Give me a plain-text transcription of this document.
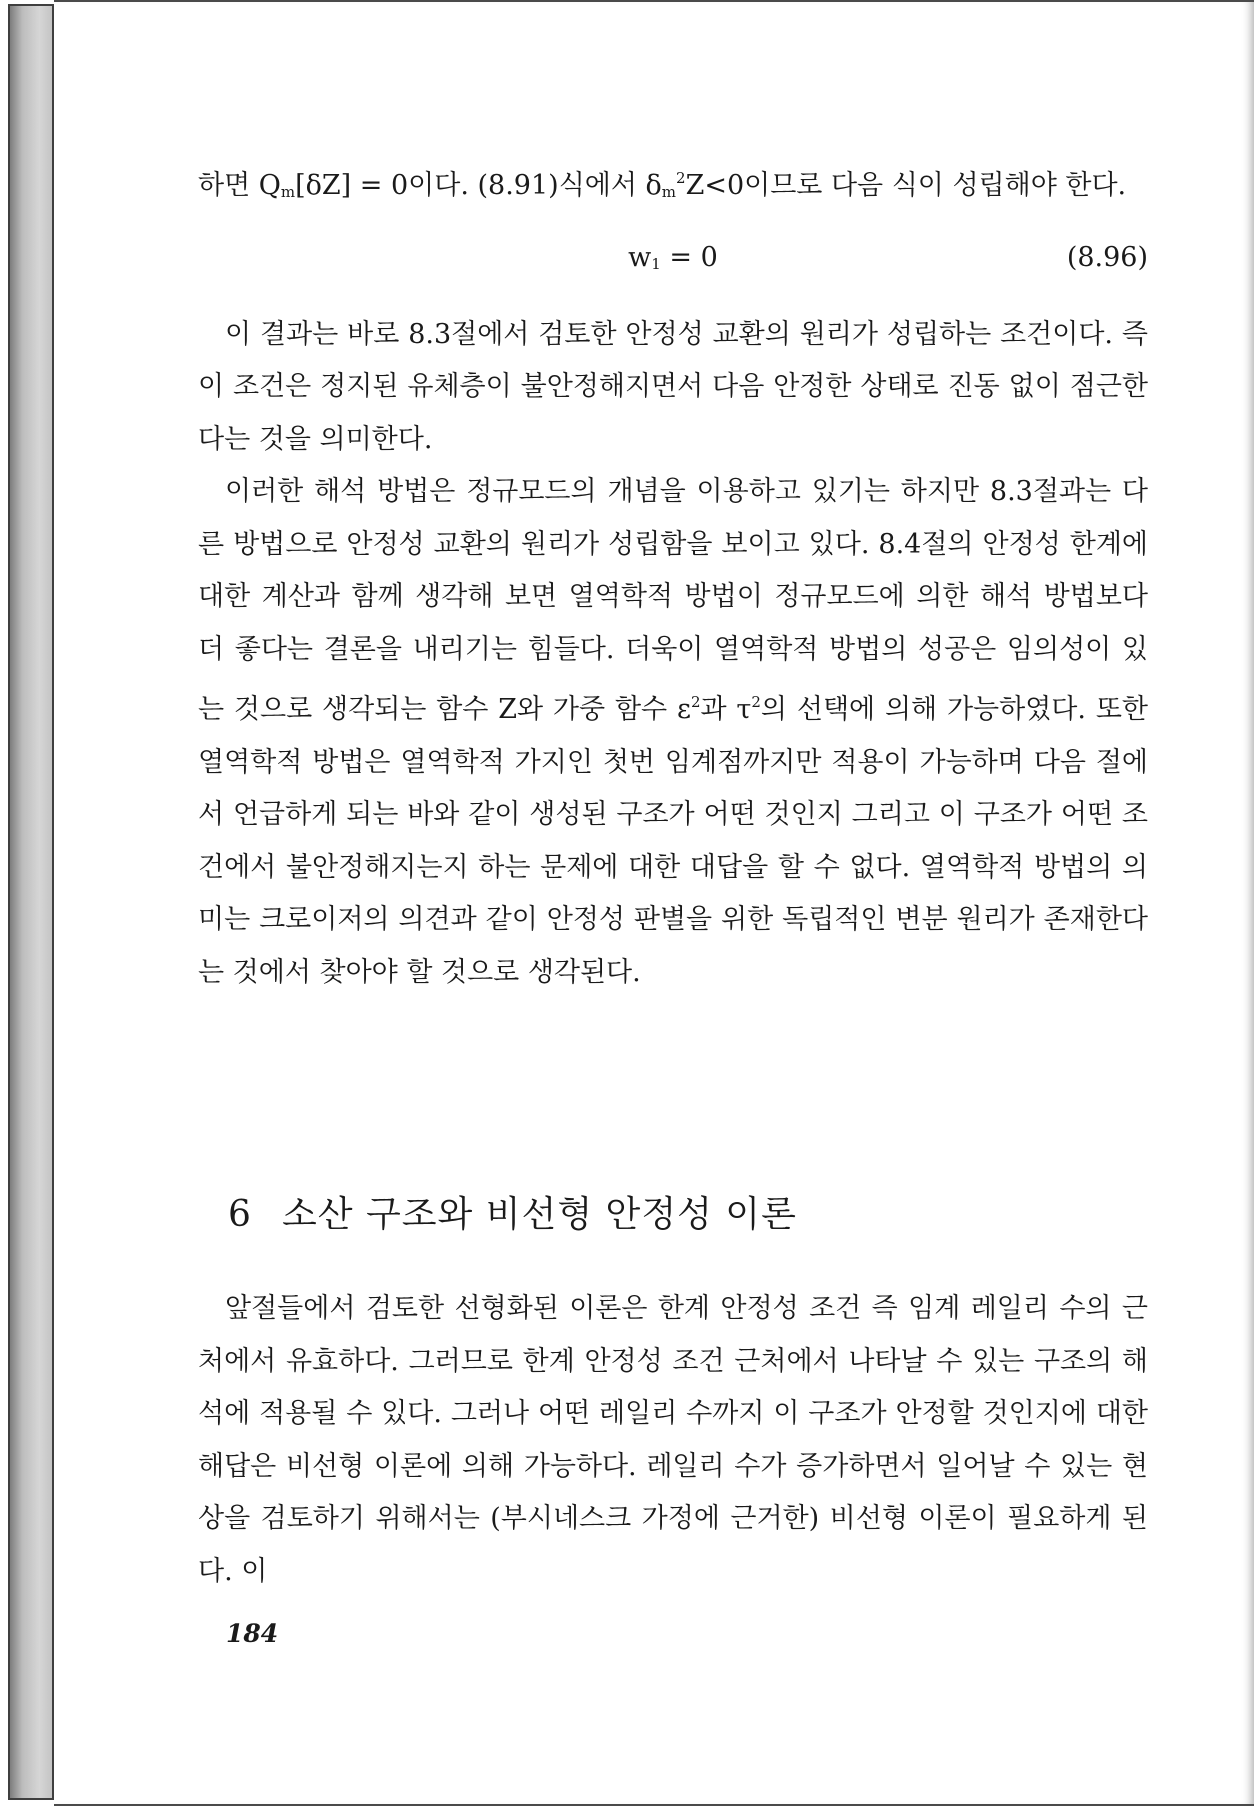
하면 $Q_m[\delta Z] = 0$이다. (8.91)식에서 $\delta_m^2Z<0$이므로 다음 식이 성립해야 한다.

$w_1 = 0$	(8.96)

이 결과는 바로 8.3절에서 검토한 안정성 교환의 원리가 성립하는 조건이다. 즉 이 조건은 정지된 유체층이 불안정해지면서 다음 안정한 상태로 진동 없이 점근한다는 것을 의미한다.

이러한 해석 방법은 정규모드의 개념을 이용하고 있기는 하지만 8.3절과는 다른 방법으로 안정성 교환의 원리가 성립함을 보이고 있다. 8.4절의 안정성 한계에 대한 계산과 함께 생각해 보면 열역학적 방법이 정규모드에 의한 해석 방법보다 더 좋다는 결론을 내리기는 힘들다. 더욱이 열역학적 방법의 성공은 임의성이 있는 것으로 생각되는 함수 Z와 가중 함수 $\varepsilon^2$과 $\tau^2$의 선택에 의해 가능하였다. 또한 열역학적 방법은 열역학적 가지인 첫번 임계점까지만 적용이 가능하며 다음 절에서 언급하게 되는 바와 같이 생성된 구조가 어떤 것인지 그리고 이 구조가 어떤 조건에서 불안정해지는지 하는 문제에 대한 대답을 할 수 없다. 열역학적 방법의 의미는 크로이저의 의견과 같이 안정성 판별을 위한 독립적인 변분 원리가 존재한다는 것에서 찾아야 할 것으로 생각된다.

6 소산 구조와 비선형 안정성 이론

앞절들에서 검토한 선형화된 이론은 한계 안정성 조건 즉 임계 레일리 수의 근처에서 유효하다. 그러므로 한계 안정성 조건 근처에서 나타날 수 있는 구조의 해석에 적용될 수 있다. 그러나 어떤 레일리 수까지 이 구조가 안정할 것인지에 대한 해답은 비선형 이론에 의해 가능하다. 레일리 수가 증가하면서 일어날 수 있는 현상을 검토하기 위해서는 (부시네스크 가정에 근거한) 비선형 이론이 필요하게 된다. 이

184
